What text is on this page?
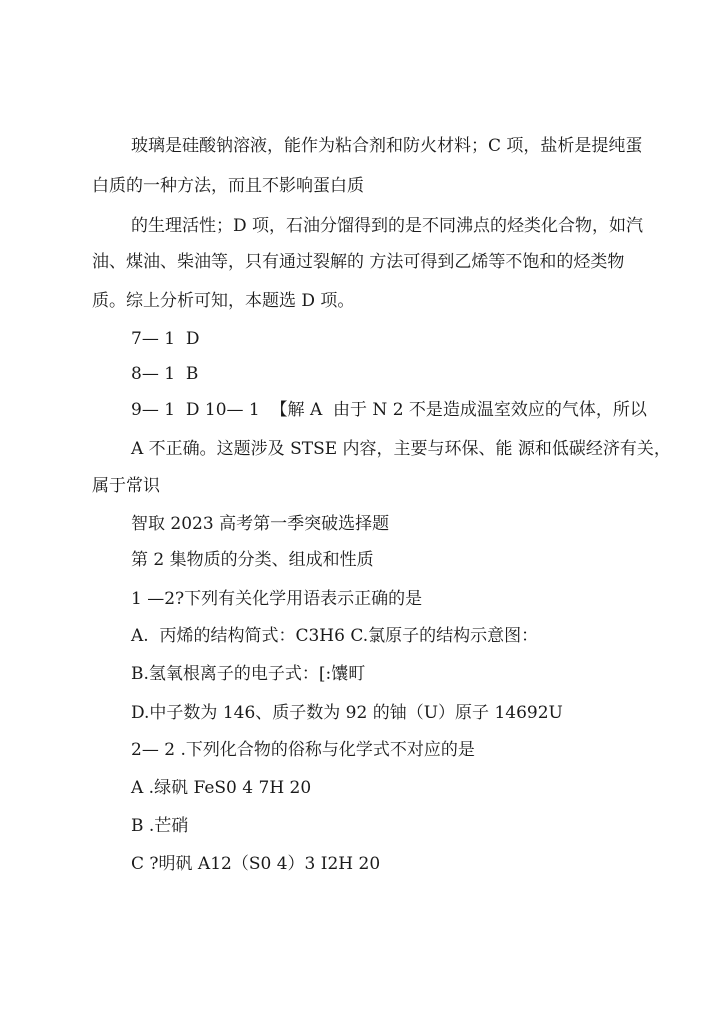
玻璃是硅酸钠溶液，能作为粘合剂和防火材料；C 项，盐析是提纯蛋
白质的一种方法，而且不影响蛋白质
的生理活性；D 项，石油分馏得到的是不同沸点的烃类化合物，如汽
油、煤油、柴油等，只有通过裂解的 方法可得到乙烯等不饱和的烃类物
质。综上分析可知，本题选 D 项。
7— 1  D
8— 1  B
9— 1  D 10— 1  【解 A  由于 N 2 不是造成温室效应的气体，所以
A 不正确。这题涉及 STSE 内容，主要与环保、能 源和低碳经济有关，
属于常识
智取 2023 高考第一季突破选择题
第 2 集物质的分类、组成和性质
1 —2?下列有关化学用语表示正确的是
A.  丙烯的结构简式：C3H6 C.氯原子的结构示意图：
B.氢氧根离子的电子式：[:馕町
D.中子数为 146、质子数为 92 的铀（U）原子 14692U
2— 2 .下列化合物的俗称与化学式不对应的是
A .绿矾 FeS0 4 7H 20
B .芒硝
C ?明矾 A12（S0 4）3 I2H 20
